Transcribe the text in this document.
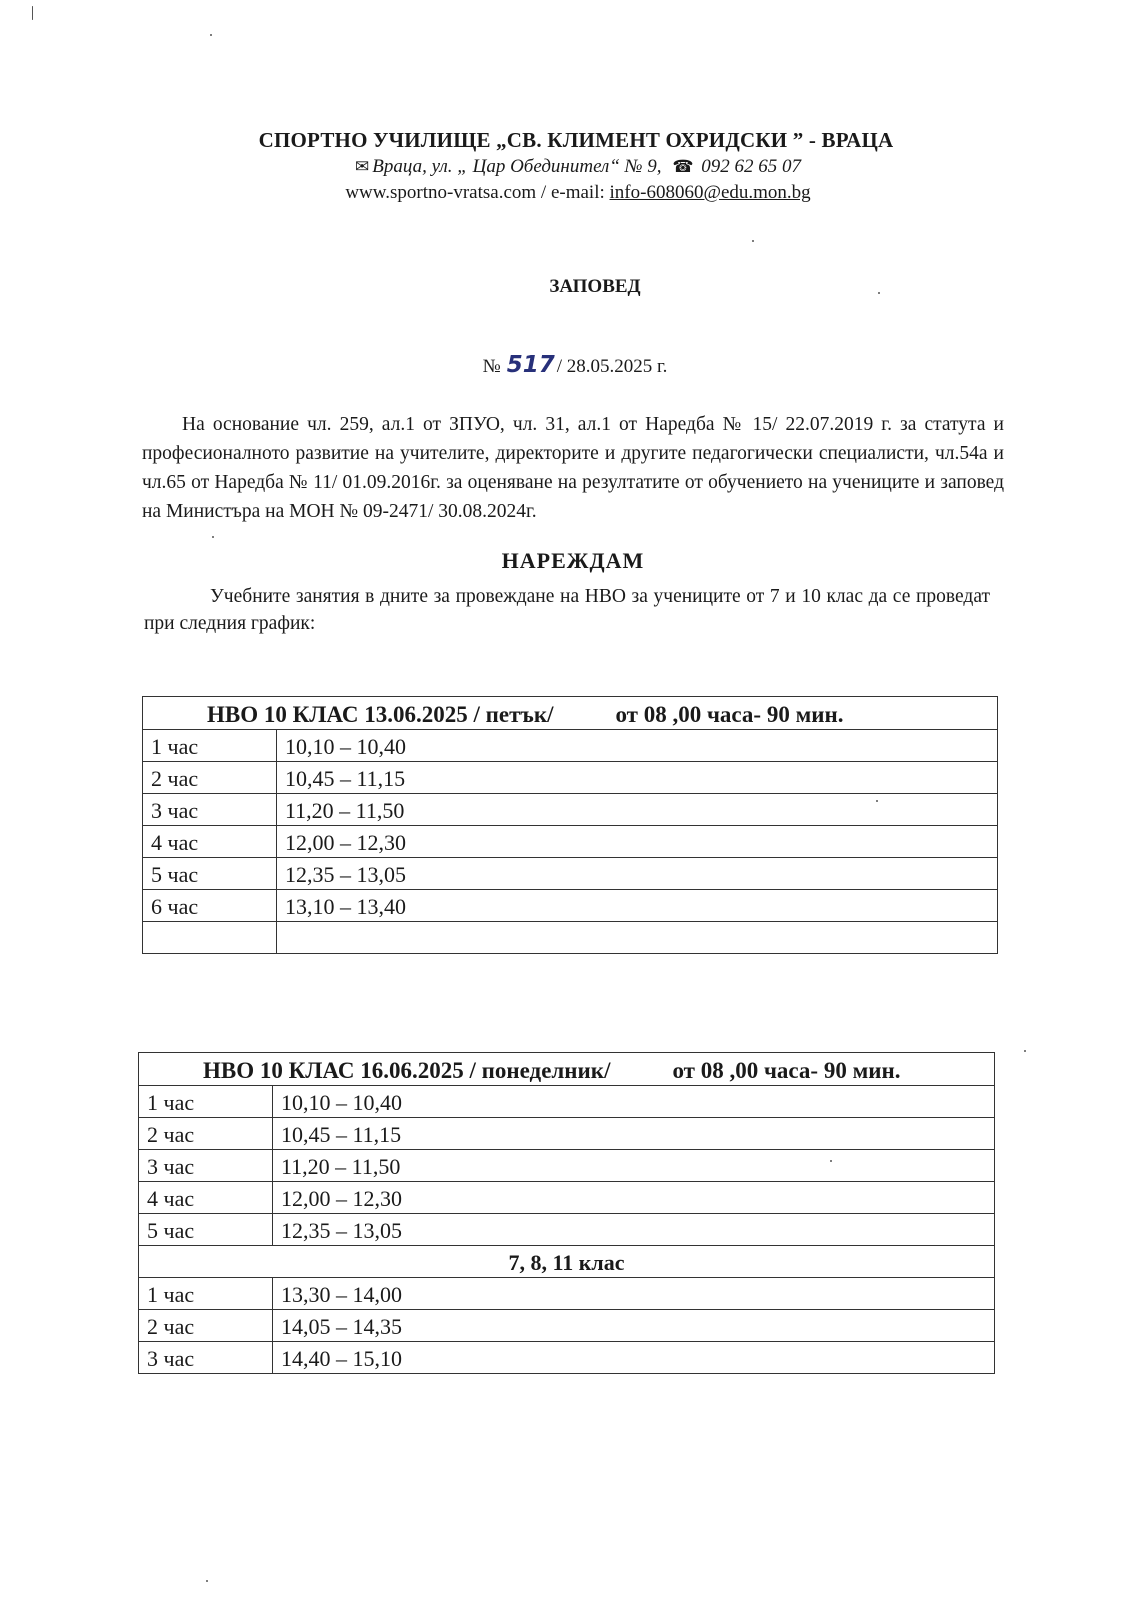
СПОРТНО УЧИЛИЩЕ „СВ. КЛИМЕНТ ОХРИДСКИ ” - ВРАЦА
✉ Враца, ул. „ Цар Обединител“ № 9, ☎ 092 62 65 07
www.sportno-vratsa.com / e-mail: info-608060@edu.mon.bg
ЗАПОВЕД
№ 517 / 28.05.2025 г.

На основание чл. 259, ал.1 от ЗПУО, чл. 31, ал.1 от Наредба № 15/ 22.07.2019 г. за статута и професионалното развитие на учителите, директорите и другите педагогически специалисти, чл.54а и чл.65 от Наредба № 11/ 01.09.2016г. за оценяване на резултатите от обучението на учениците и заповед на Министъра на МОН № 09-2471/ 30.08.2024г.

НАРЕЖДАМ

Учебните занятия в дните за провеждане на НВО за учениците от 7 и 10 клас да се проведат при следния график:

НВО 10 КЛАС 13.06.2025 / петък/ от 08 ,00 часа- 90 мин.	
1 час	10,10 – 10,40
2 час	10,45 – 11,15
3 час	11,20 – 11,50
4 час	12,00 – 12,30
5 час	12,35 – 13,05
6 час	13,10 – 13,40

НВО 10 КЛАС 16.06.2025 / понеделник/ от 08 ,00 часа- 90 мин.	
1 час	10,10 – 10,40
2 час	10,45 – 11,15
3 час	11,20 – 11,50
4 час	12,00 – 12,30
5 час	12,35 – 13,05
7, 8, 11 клас	
1 час	13,30 – 14,00
2 час	14,05 – 14,35
3 час	14,40 – 15,10
